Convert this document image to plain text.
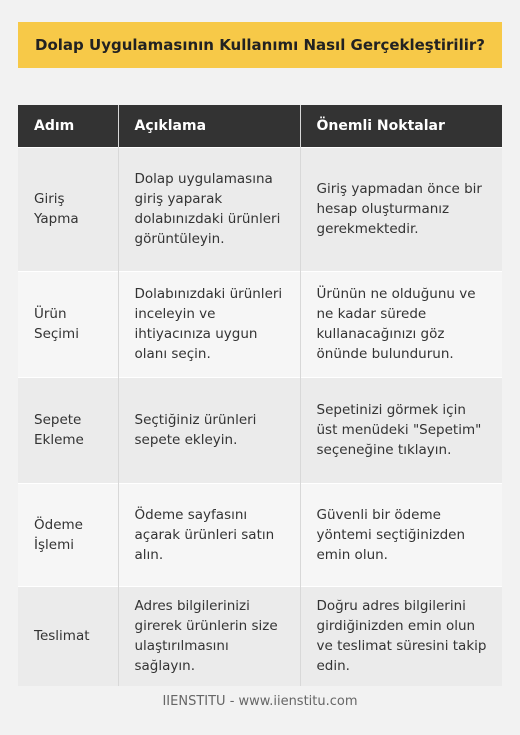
Dolap Uygulamasının Kullanımı Nasıl Gerçekleştirilir?
Adım	Açıklama	Önemli Noktalar
Giriş Yapma	Dolap uygulamasına giriş yaparak dolabınızdaki ürünleri görüntüleyin.	Giriş yapmadan önce bir hesap oluşturmanız gerekmektedir.
Ürün Seçimi	Dolabınızdaki ürünleri inceleyin ve ihtiyacınıza uygun olanı seçin.	Ürünün ne olduğunu ve ne kadar sürede kullanacağınızı göz önünde bulundurun.
Sepete Ekleme	Seçtiğiniz ürünleri sepete ekleyin.	Sepetinizi görmek için üst menüdeki "Sepetim" seçeneğine tıklayın.
Ödeme İşlemi	Ödeme sayfasını açarak ürünleri satın alın.	Güvenli bir ödeme yöntemi seçtiğinizden emin olun.
Teslimat	Adres bilgilerinizi girerek ürünlerin size ulaştırılmasını sağlayın.	Doğru adres bilgilerini girdiğinizden emin olun ve teslimat süresini takip edin.
IIENSTITU - www.iienstitu.com
